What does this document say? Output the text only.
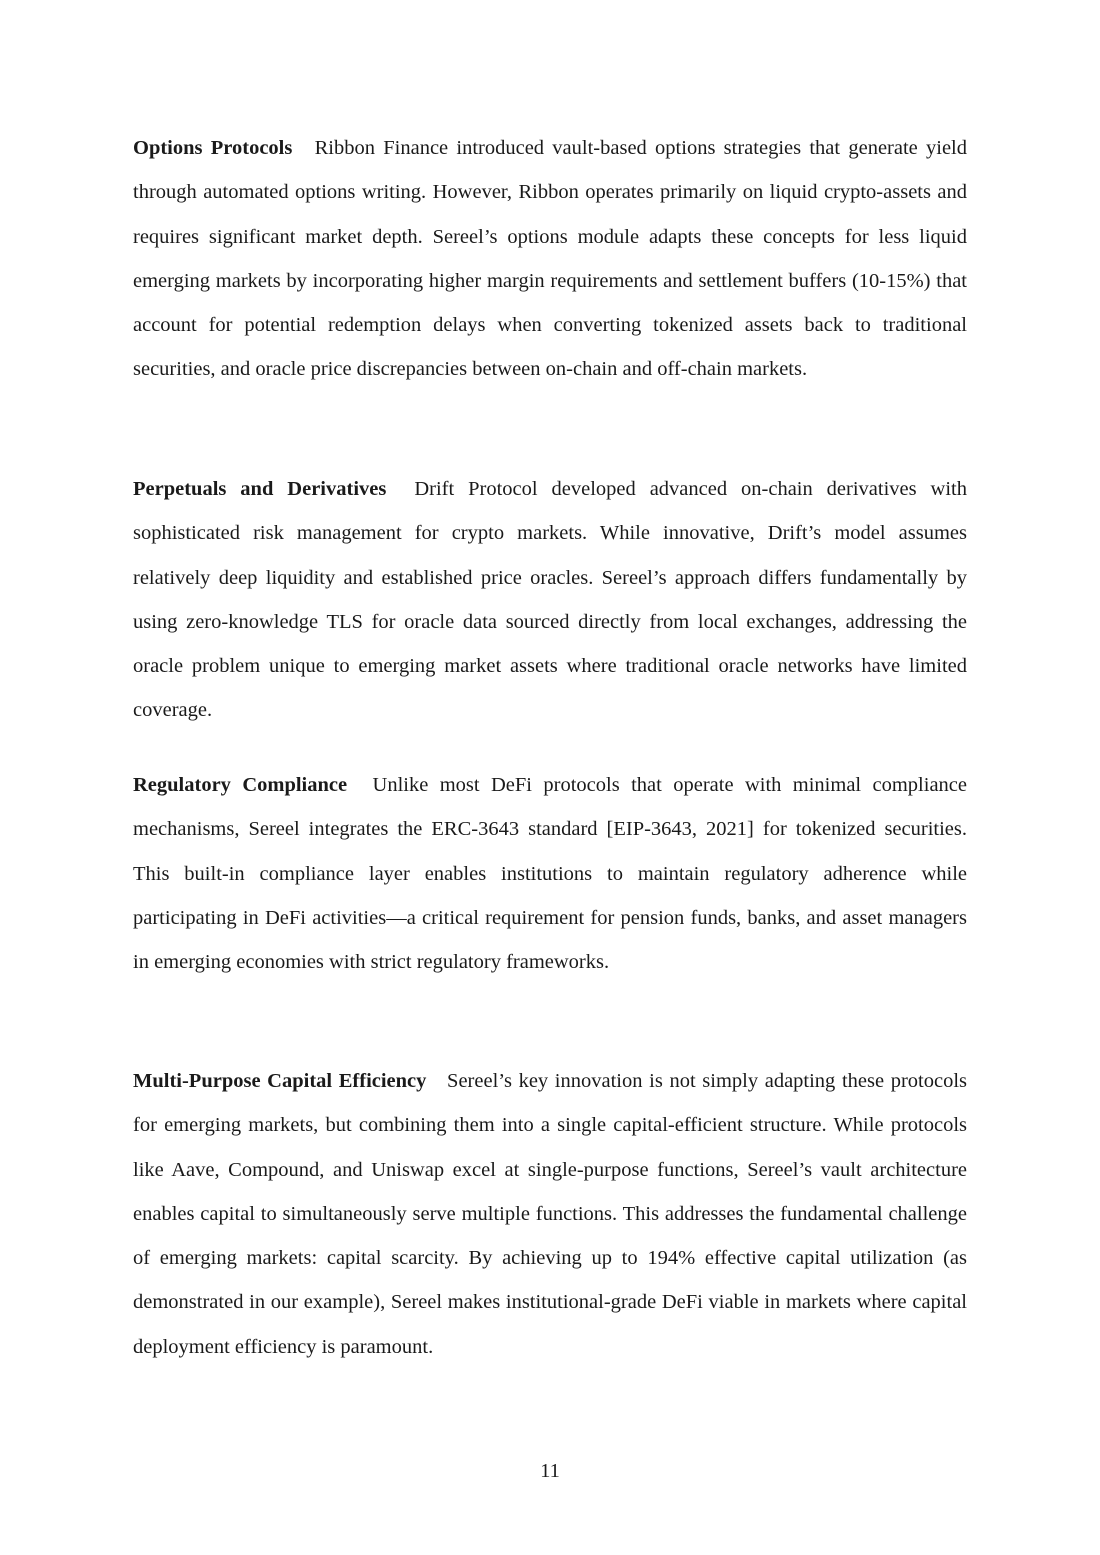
Options Protocols Ribbon Finance introduced vault-based options strategies that generate yield through automated options writing. However, Ribbon operates primarily on liquid crypto-assets and requires significant market depth. Sereel’s options module adapts these concepts for less liquid emerging markets by incorporating higher margin requirements and settlement buffers (10-15%) that account for potential redemption delays when converting tokenized assets back to traditional securities, and oracle price discrepancies between on-chain and off-chain markets.

Perpetuals and Derivatives Drift Protocol developed advanced on-chain derivatives with sophisticated risk management for crypto markets. While innovative, Drift’s model assumes relatively deep liquidity and established price oracles. Sereel’s approach differs fundamentally by using zero-knowledge TLS for oracle data sourced directly from local exchanges, addressing the oracle problem unique to emerging market assets where traditional oracle networks have limited coverage.

Regulatory Compliance Unlike most DeFi protocols that operate with minimal compliance mechanisms, Sereel integrates the ERC-3643 standard [EIP-3643, 2021] for tokenized securities. This built-in compliance layer enables institutions to maintain regulatory adherence while participating in DeFi activities—a critical requirement for pension funds, banks, and asset managers in emerging economies with strict regulatory frameworks.

Multi-Purpose Capital Efficiency Sereel’s key innovation is not simply adapting these protocols for emerging markets, but combining them into a single capital-efficient structure. While protocols like Aave, Compound, and Uniswap excel at single-purpose functions, Sereel’s vault architecture enables capital to simultaneously serve multiple functions. This addresses the fundamental challenge of emerging markets: capital scarcity. By achieving up to 194% effective capital utilization (as demonstrated in our example), Sereel makes institutional-grade DeFi viable in markets where capital deployment efficiency is paramount.

11
